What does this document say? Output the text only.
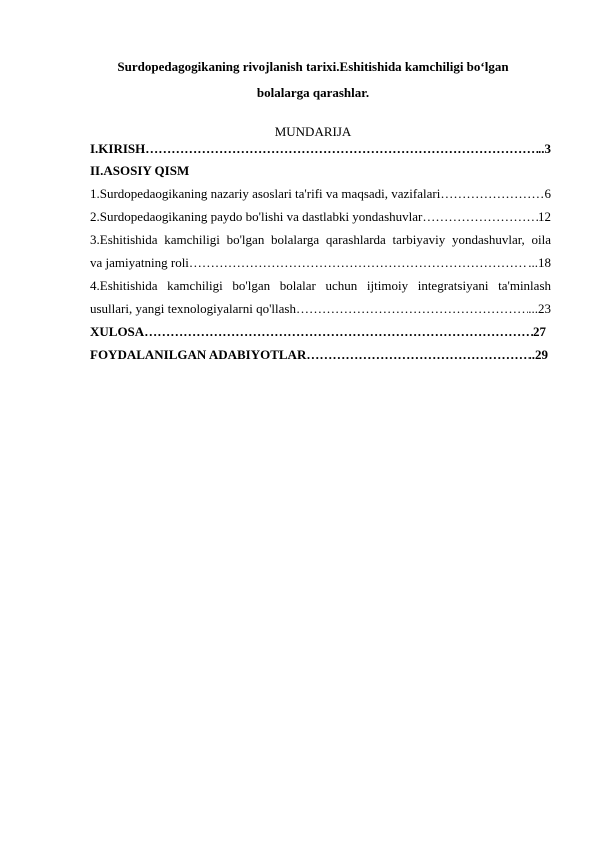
Surdopedagogikaning rivojlanish tarixi.Eshitishida kamchiligi bo‘lgan
bolalarga qarashlar.
MUNDARIJA
I.KIRISH …………………………………………………………………………………………………………………………………………………………………………	..3
II.ASOSIY QISM
1.Surdopedaogikaning nazariy asoslari ta'rifi va maqsadi, vazifalari …………………………………………………………………………………………………………………………………………………………………………	6
2.Surdopedaogikaning paydo bo'lishi va dastlabki yondashuvlar …………………………………………………………………………………………………………………………………………………………………………	12
3.Eshitishida kamchiligi bo'lgan bolalarga qarashlarda tarbiyaviy yondashuvlar, oila
va jamiyatning roli …………………………………………………………………………………………………………………………………………………………………………	...18
4.Eshitishida kamchiligi bo'lgan bolalar uchun ijtimoiy integratsiyani ta'minlash
usullari, yangi texnologiyalarni qo'llash …………………………………………………………………………………………………………………………………………………………………………	...23
XULOSA …………………………………………………………………………………………………………………………………………………………………………	27
FOYDALANILGAN ADABIYOTLAR …………………………………………………………………………………………………………………………………………………………………………	..29
